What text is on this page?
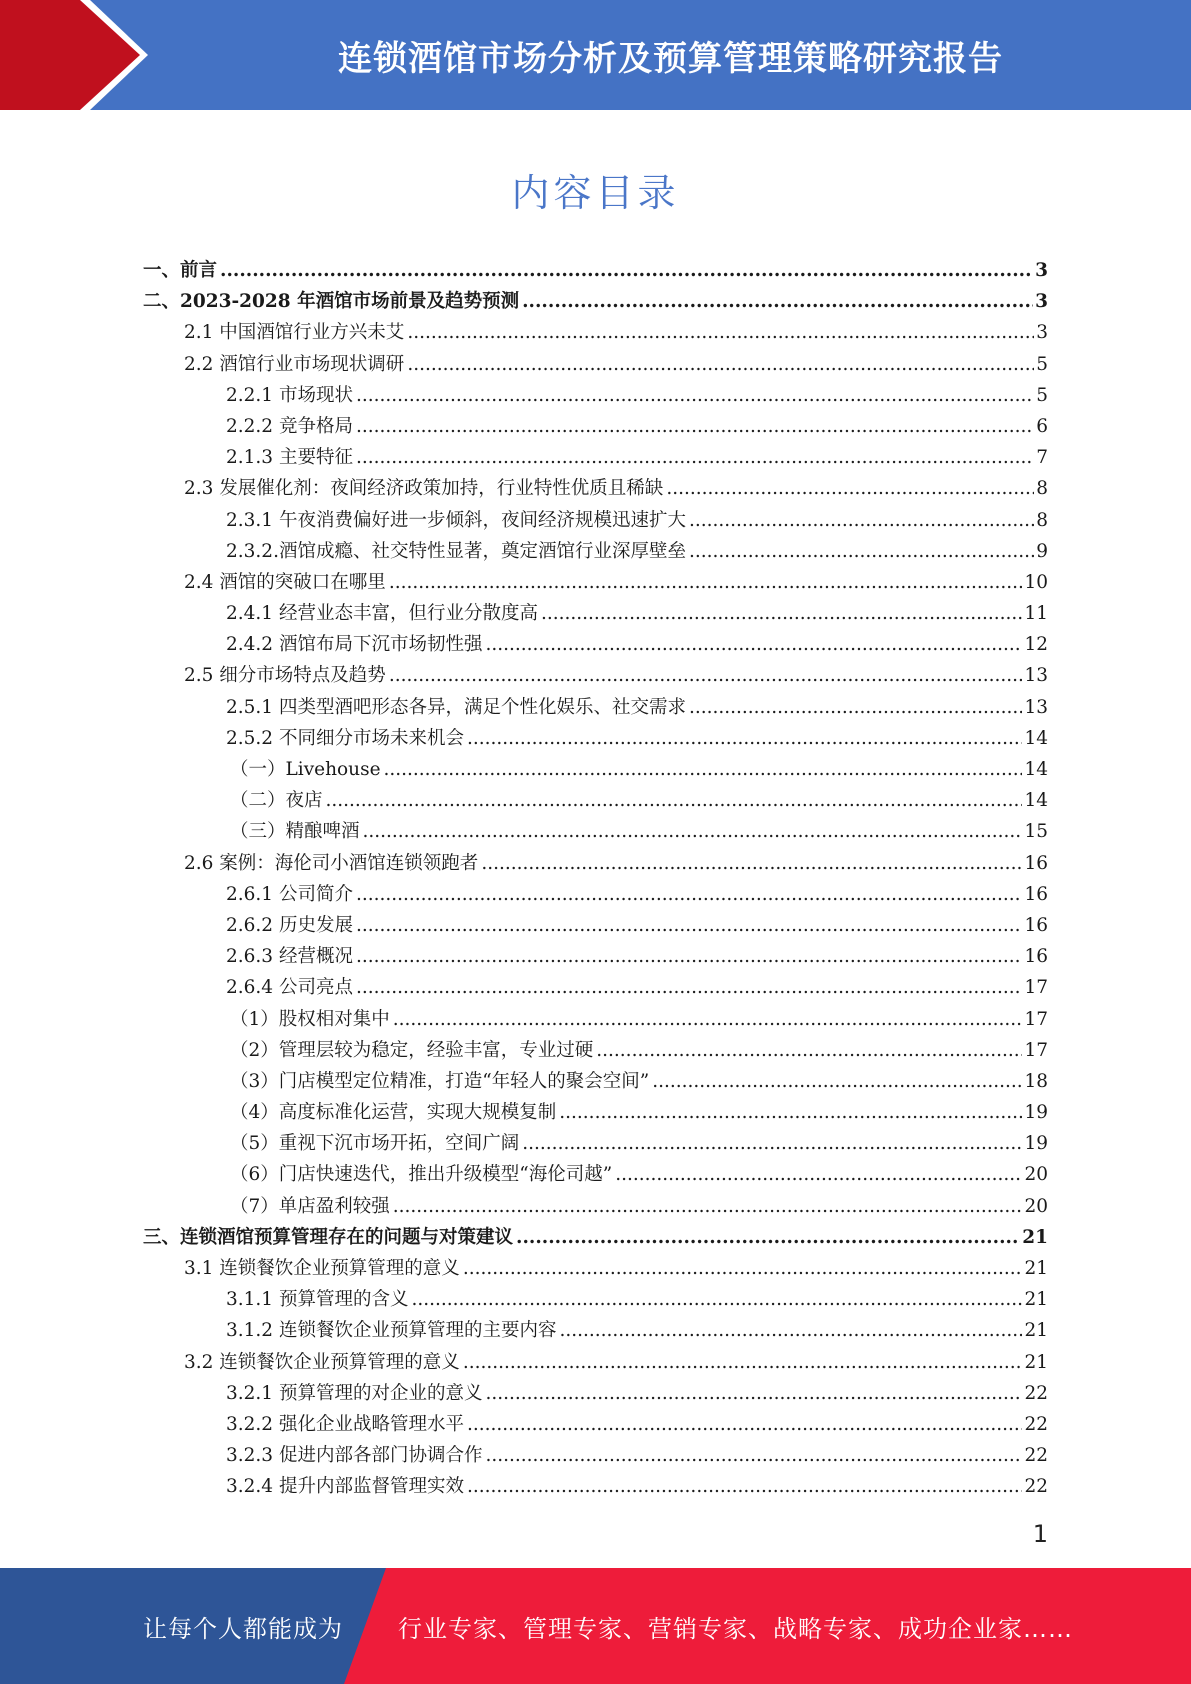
连锁酒馆市场分析及预算管理策略研究报告
内容目录
一、前言 .....	3
二、2023-2028 年酒馆市场前景及趋势预测 .....	3
2.1 中国酒馆行业方兴未艾 .....	3
2.2 酒馆行业市场现状调研 .....	5
2.2.1 市场现状 .....	5
2.2.2 竞争格局 .....	6
2.1.3 主要特征 .....	7
2.3 发展催化剂：夜间经济政策加持，行业特性优质且稀缺 .....	8
2.3.1 午夜消费偏好进一步倾斜，夜间经济规模迅速扩大 .....	8
2.3.2.酒馆成瘾、社交特性显著，奠定酒馆行业深厚壁垒 .....	9
2.4 酒馆的突破口在哪里 .....	10
2.4.1 经营业态丰富，但行业分散度高 .....	11
2.4.2 酒馆布局下沉市场韧性强 .....	12
2.5 细分市场特点及趋势 .....	13
2.5.1 四类型酒吧形态各异，满足个性化娱乐、社交需求 .....	13
2.5.2 不同细分市场未来机会 .....	14
（一）Livehouse .....	14
（二）夜店 .....	14
（三）精酿啤酒 .....	15
2.6 案例：海伦司小酒馆连锁领跑者 .....	16
2.6.1 公司简介 .....	16
2.6.2 历史发展 .....	16
2.6.3 经营概况 .....	16
2.6.4 公司亮点 .....	17
（1）股权相对集中 .....	17
（2）管理层较为稳定，经验丰富，专业过硬 .....	17
（3）门店模型定位精准，打造“年轻人的聚会空间” .....	18
（4）高度标准化运营，实现大规模复制 .....	19
（5）重视下沉市场开拓，空间广阔 .....	19
（6）门店快速迭代，推出升级模型“海伦司越” .....	20
（7）单店盈利较强 .....	20
三、连锁酒馆预算管理存在的问题与对策建议 .....	21
3.1 连锁餐饮企业预算管理的意义 .....	21
3.1.1 预算管理的含义 .....	21
3.1.2 连锁餐饮企业预算管理的主要内容 .....	21
3.2 连锁餐饮企业预算管理的意义 .....	21
3.2.1 预算管理的对企业的意义 .....	22
3.2.2 强化企业战略管理水平 .....	22
3.2.3 促进内部各部门协调合作 .....	22
3.2.4 提升内部监督管理实效 .....	22
1
让每个人都能成为 行业专家、管理专家、营销专家、战略专家、成功企业家……
